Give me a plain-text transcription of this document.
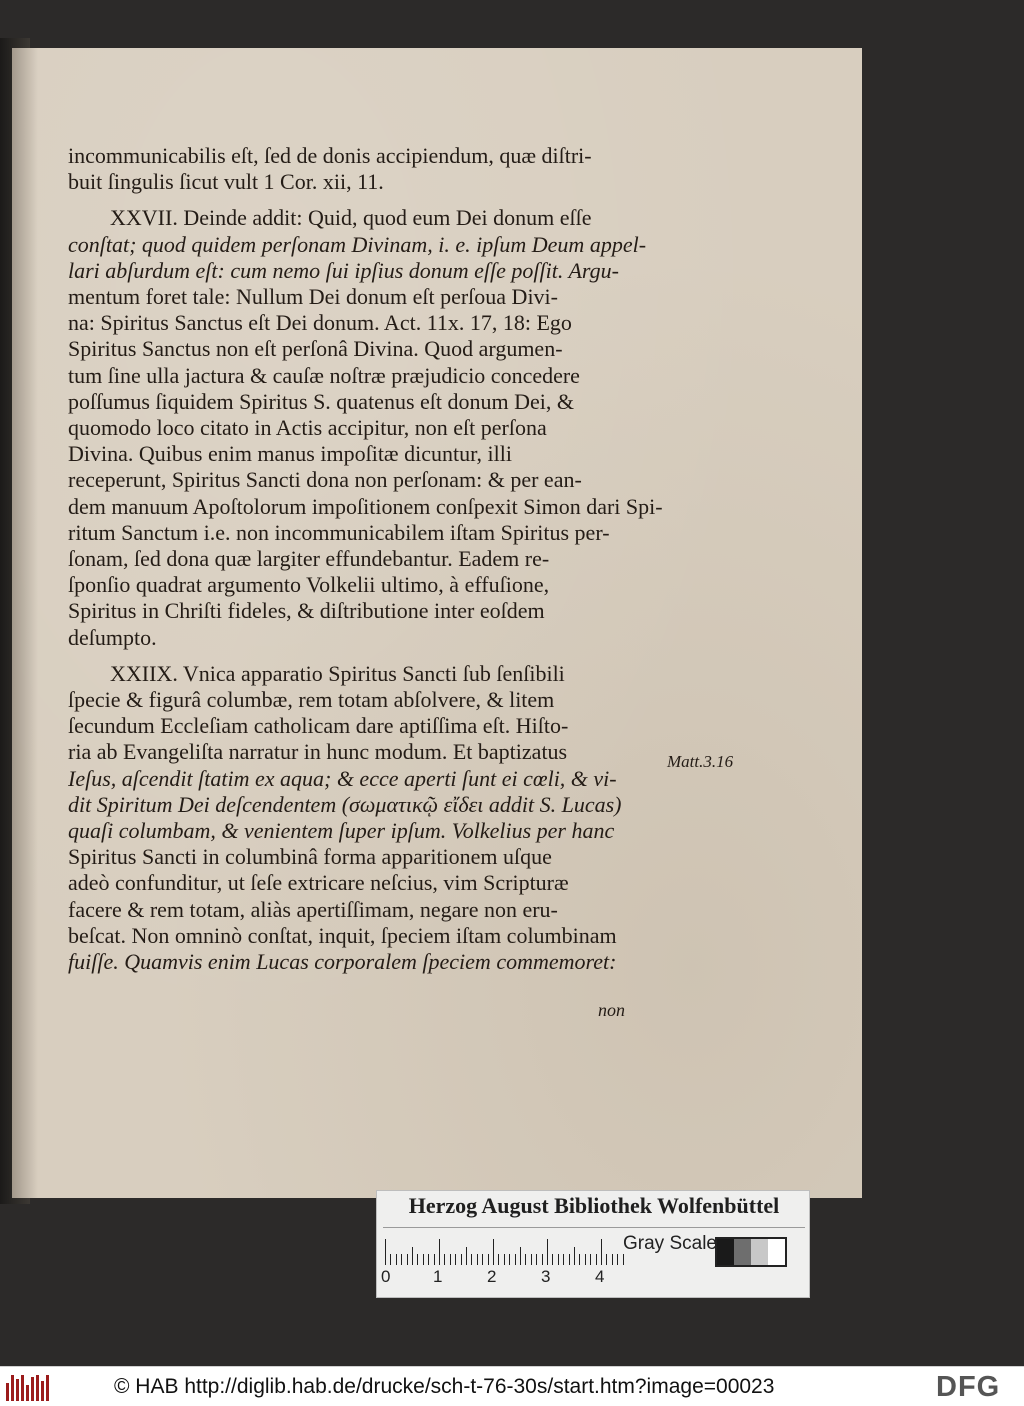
incommunicabilis eſt, ſed de donis accipiendum, quæ diſtri-
buit ſingulis ſicut vult 1 Cor. xii, 11.
XXVII. Deinde addit: Quid, quod eum Dei donum eſſe
conſtat; quod quidem perſonam Divinam, i. e. ipſum Deum appel-
lari abſurdum eſt: cum nemo ſui ipſius donum eſſe poſſit. Argu-
mentum foret tale: Nullum Dei donum eſt perſoua Divi-
na: Spiritus Sanctus eſt Dei donum. Act. 11x. 17, 18: Ego
Spiritus Sanctus non eſt perſonâ Divina. Quod argumen-
tum ſine ulla jactura & cauſæ noſtræ præjudicio concedere
poſſumus ſiquidem Spiritus S. quatenus eſt donum Dei, &
quomodo loco citato in Actis accipitur, non eſt perſona
Divina. Quibus enim manus impoſitæ dicuntur, illi
receperunt, Spiritus Sancti dona non perſonam: & per ean-
dem manuum Apoſtolorum impoſitionem conſpexit Simon dari Spi-
ritum Sanctum i.e. non incommunicabilem iſtam Spiritus per-
ſonam, ſed dona quæ largiter effundebantur. Eadem re-
ſponſio quadrat argumento Volkelii ultimo, à effuſione,
Spiritus in Chriſti fideles, & diſtributione inter eoſdem
deſumpto.
XXIIX. Vnica apparatio Spiritus Sancti ſub ſenſibili
ſpecie & figurâ columbæ, rem totam abſolvere, & litem
ſecundum Eccleſiam catholicam dare aptiſſima eſt. Hiſto-
ria ab Evangeliſta narratur in hunc modum. Et baptizatus
Ieſus, aſcendit ſtatim ex aqua; & ecce aperti ſunt ei cœli, & vi-
dit Spiritum Dei deſcendentem (σωματικῷ εἴδει addit S. Lucas)
quaſi columbam, & venientem ſuper ipſum. Volkelius per hanc
Spiritus Sancti in columbinâ forma apparitionem uſque
adeò confunditur, ut ſeſe extricare neſcius, vim Scripturæ
facere & rem totam, aliàs apertiſſimam, negare non eru-
beſcat. Non omninò conſtat, inquit, ſpeciem iſtam columbinam
fuiſſe. Quamvis enim Lucas corporalem ſpeciem commemoret:
Matt.3.16
non
Herzog August Bibliothek Wolfenbüttel
0	1	2	3	4
Gray Scale
© HAB http://diglib.hab.de/drucke/sch-t-76-30s/start.htm?image=00023	DFG
